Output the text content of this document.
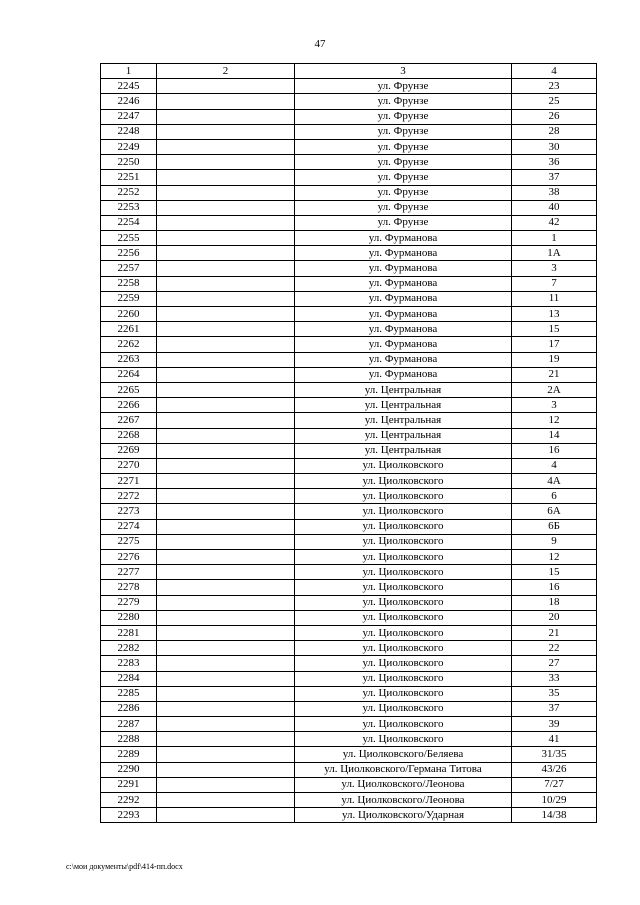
47
1	2	3	4
2245		ул. Фрунзе	23
2246		ул. Фрунзе	25
2247		ул. Фрунзе	26
2248		ул. Фрунзе	28
2249		ул. Фрунзе	30
2250		ул. Фрунзе	36
2251		ул. Фрунзе	37
2252		ул. Фрунзе	38
2253		ул. Фрунзе	40
2254		ул. Фрунзе	42
2255		ул. Фурманова	1
2256		ул. Фурманова	1А
2257		ул. Фурманова	3
2258		ул. Фурманова	7
2259		ул. Фурманова	11
2260		ул. Фурманова	13
2261		ул. Фурманова	15
2262		ул. Фурманова	17
2263		ул. Фурманова	19
2264		ул. Фурманова	21
2265		ул. Центральная	2А
2266		ул. Центральная	3
2267		ул. Центральная	12
2268		ул. Центральная	14
2269		ул. Центральная	16
2270		ул. Циолковского	4
2271		ул. Циолковского	4А
2272		ул. Циолковского	6
2273		ул. Циолковского	6А
2274		ул. Циолковского	6Б
2275		ул. Циолковского	9
2276		ул. Циолковского	12
2277		ул. Циолковского	15
2278		ул. Циолковского	16
2279		ул. Циолковского	18
2280		ул. Циолковского	20
2281		ул. Циолковского	21
2282		ул. Циолковского	22
2283		ул. Циолковского	27
2284		ул. Циолковского	33
2285		ул. Циолковского	35
2286		ул. Циолковского	37
2287		ул. Циолковского	39
2288		ул. Циолковского	41
2289		ул. Циолковского/Беляева	31/35
2290		ул. Циолковского/Германа Титова	43/26
2291		ул. Циолковского/Леонова	7/27
2292		ул. Циолковского/Леонова	10/29
2293		ул. Циолковского/Ударная	14/38
c:\мои документы\pdf\414-пп.docx
